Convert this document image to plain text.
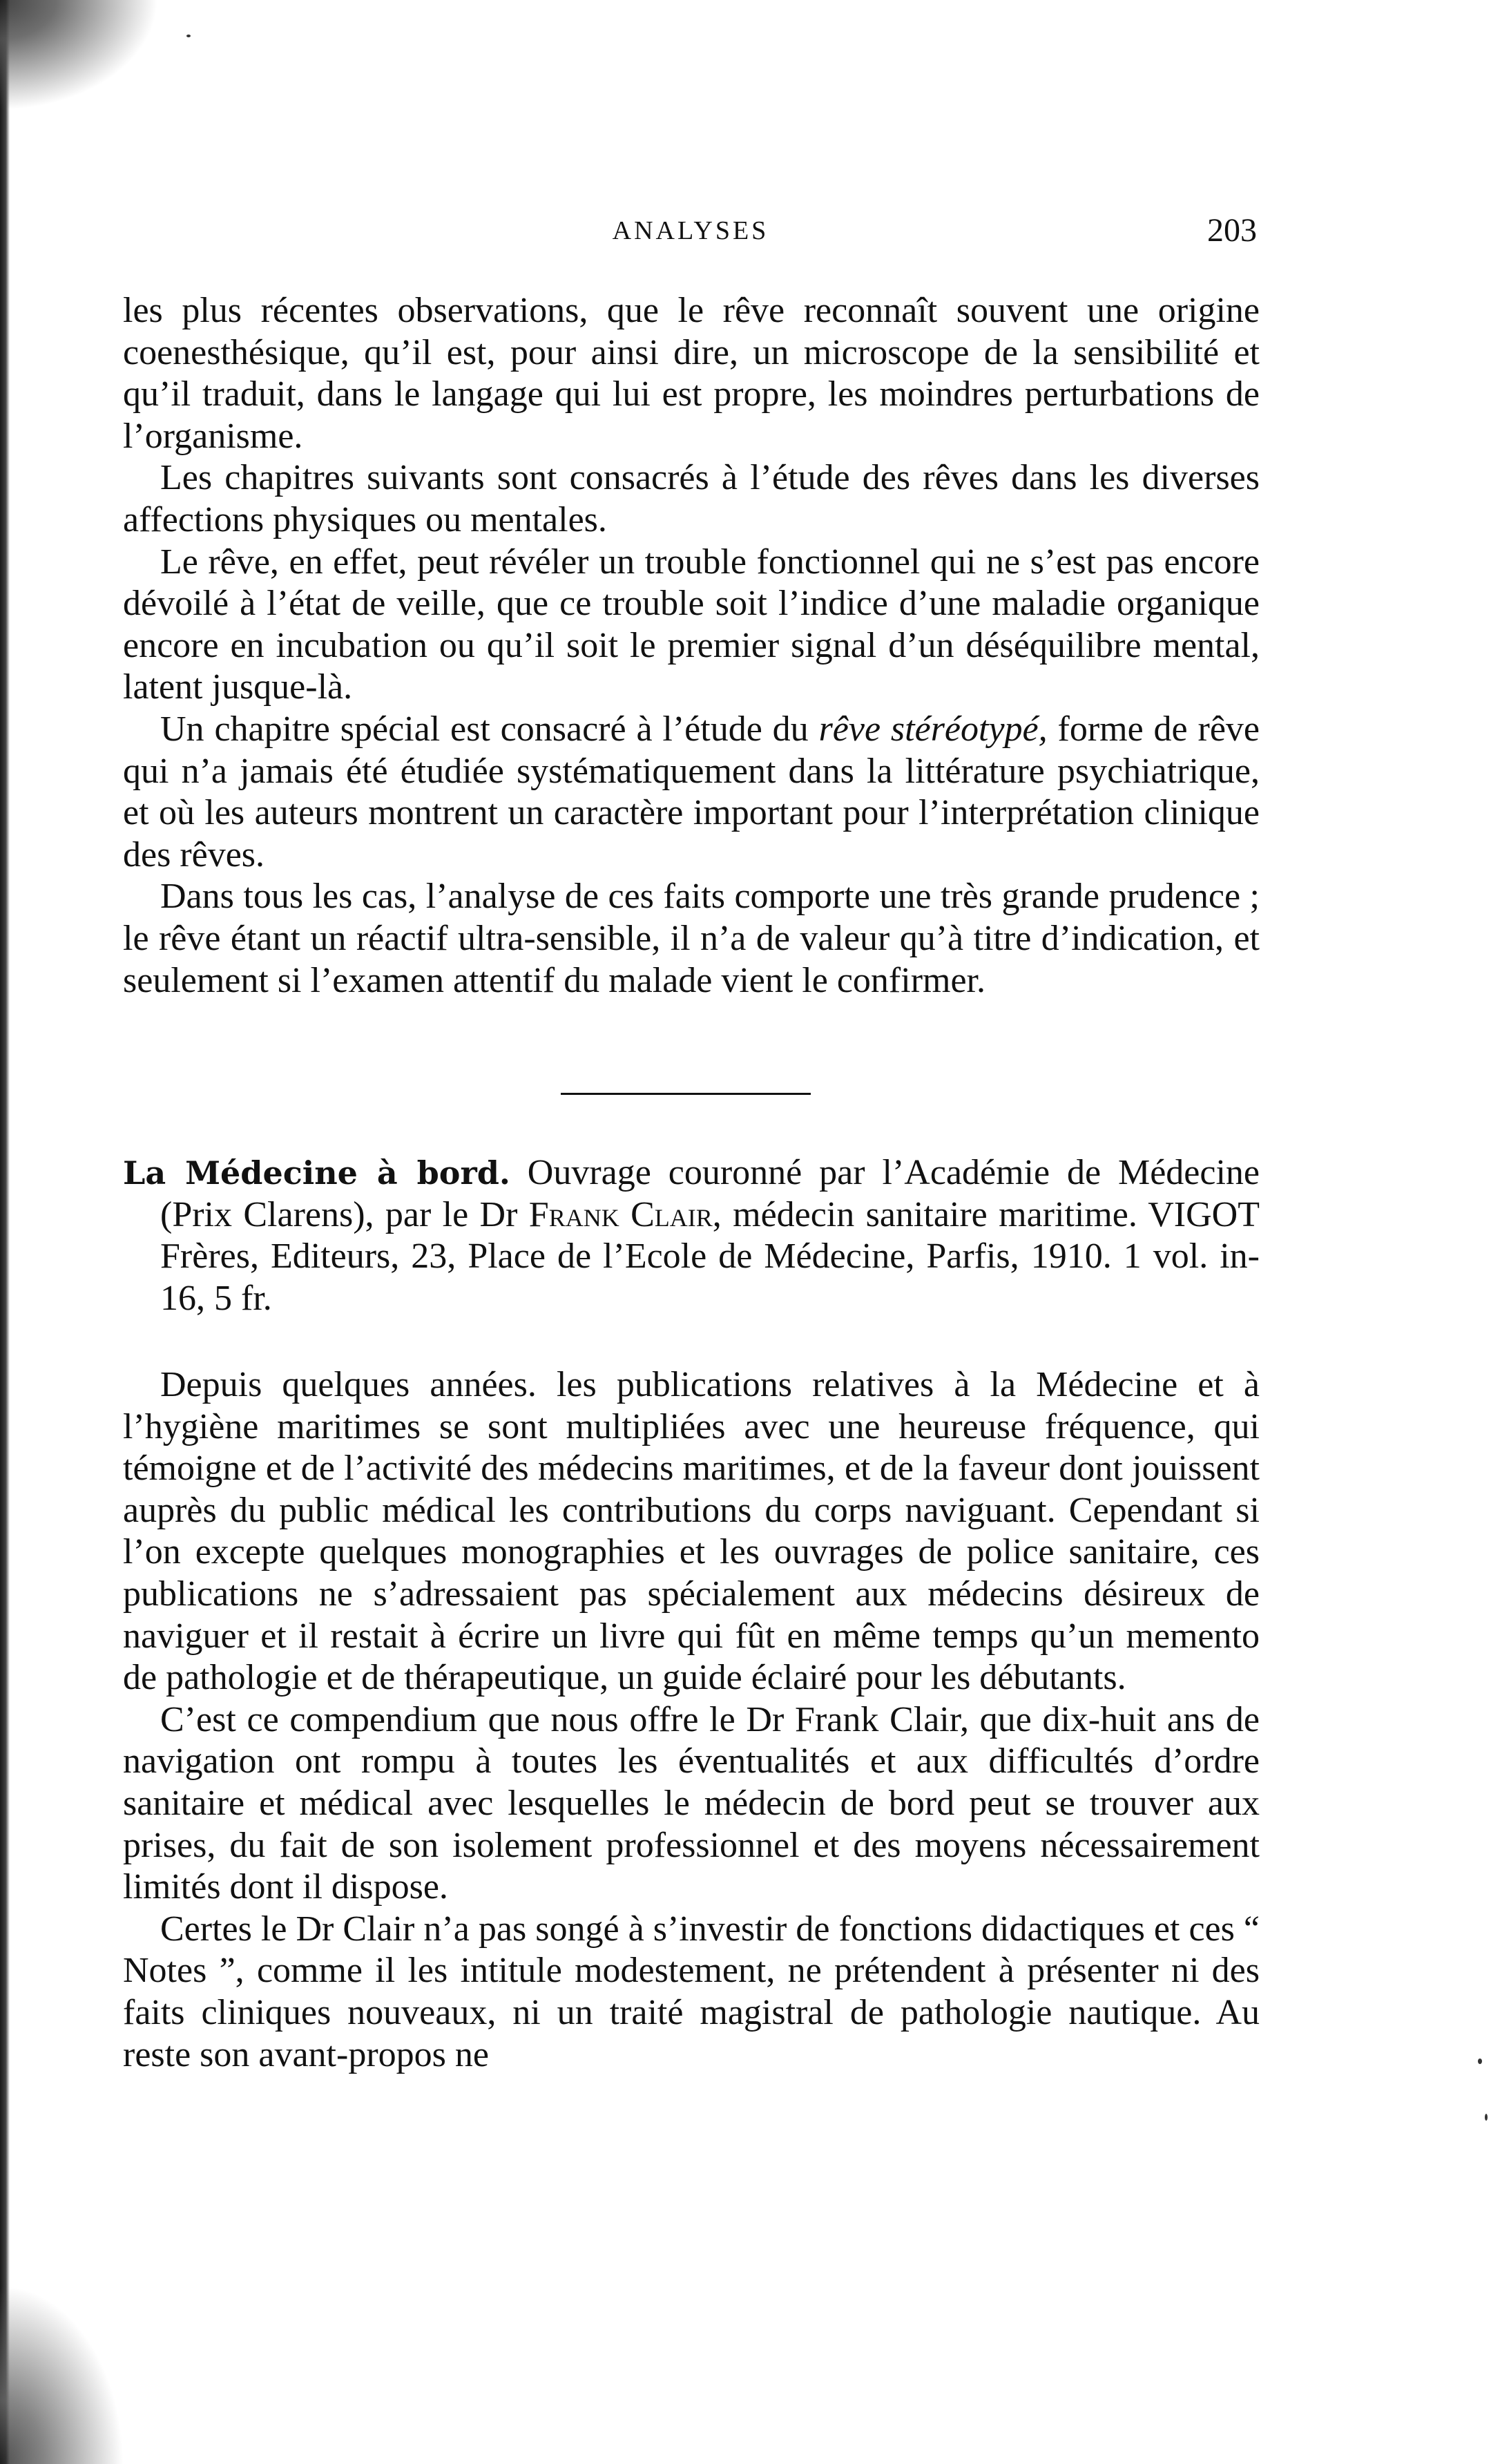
ANALYSES	203

les plus récentes observations, que le rêve reconnaît souvent une origine coenesthésique, qu’il est, pour ainsi dire, un microscope de la sensibilité et qu’il traduit, dans le langage qui lui est propre, les moindres perturbations de l’organisme.

Les chapitres suivants sont consacrés à l’étude des rêves dans les diverses affections physiques ou mentales.

Le rêve, en effet, peut révéler un trouble fonctionnel qui ne s’est pas encore dévoilé à l’état de veille, que ce trouble soit l’indice d’une maladie organique encore en incubation ou qu’il soit le premier signal d’un déséquilibre mental, latent jusque-là.

Un chapitre spécial est consacré à l’étude du rêve stéréotypé, forme de rêve qui n’a jamais été étudiée systématiquement dans la littérature psychiatrique, et où les auteurs montrent un caractère important pour l’interprétation clinique des rêves.

Dans tous les cas, l’analyse de ces faits comporte une très grande prudence ; le rêve étant un réactif ultra-sensible, il n’a de valeur qu’à titre d’indication, et seulement si l’examen attentif du malade vient le confirmer.

La Médecine à bord. Ouvrage couronné par l’Académie de Médecine (Prix Clarens), par le Dr Frank Clair, médecin sanitaire maritime. VIGOT Frères, Editeurs, 23, Place de l’Ecole de Médecine, Parfis, 1910. 1 vol. in-16, 5 fr.

Depuis quelques années. les publications relatives à la Médecine et à l’hygiène maritimes se sont multipliées avec une heureuse fréquence, qui témoigne et de l’activité des médecins maritimes, et de la faveur dont jouissent auprès du public médical les contributions du corps naviguant. Cependant si l’on excepte quelques monographies et les ouvrages de police sanitaire, ces publications ne s’adressaient pas spécialement aux médecins désireux de naviguer et il restait à écrire un livre qui fût en même temps qu’un memento de pathologie et de thérapeutique, un guide éclairé pour les débutants.

C’est ce compendium que nous offre le Dr Frank Clair, que dix-huit ans de navigation ont rompu à toutes les éventualités et aux difficultés d’ordre sanitaire et médical avec lesquelles le médecin de bord peut se trouver aux prises, du fait de son isolement professionnel et des moyens nécessairement limités dont il dispose.

Certes le Dr Clair n’a pas songé à s’investir de fonctions didactiques et ces “ Notes ”, comme il les intitule modestement, ne prétendent à présenter ni des faits cliniques nouveaux, ni un traité magistral de pathologie nautique. Au reste son avant-propos ne
